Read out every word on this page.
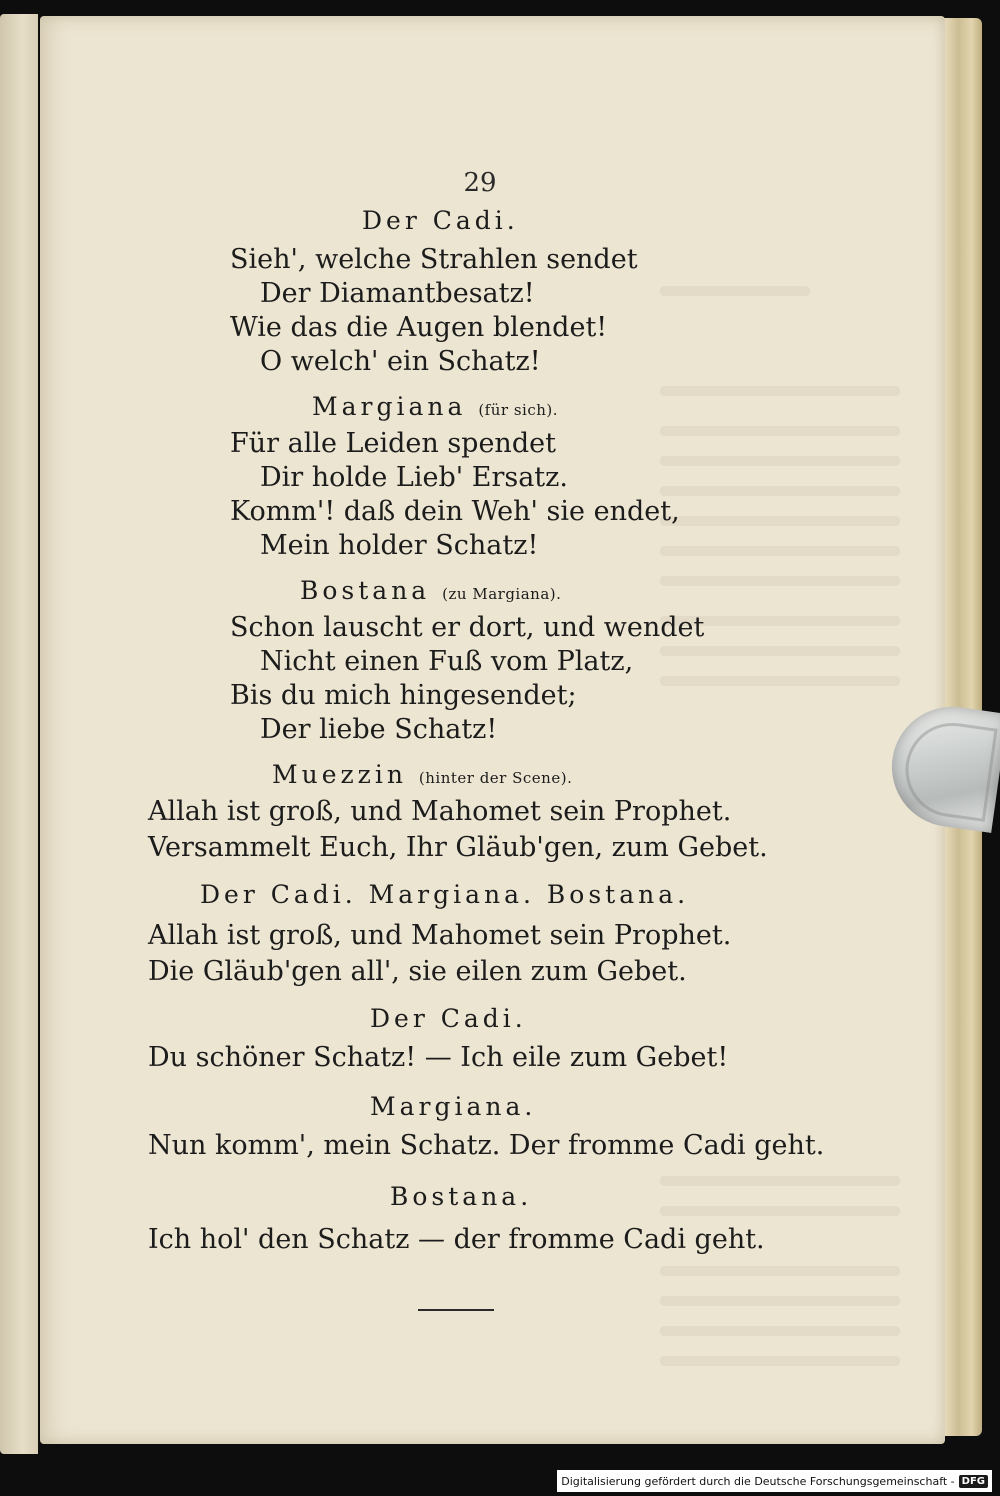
29
Der Cadi.
Sieh', welche Strahlen sendet
Der Diamantbesatz!
Wie das die Augen blendet!
O welch' ein Schatz!
Margiana (für sich).
Für alle Leiden spendet
Dir holde Lieb' Ersatz.
Komm'! daß dein Weh' sie endet,
Mein holder Schatz!
Bostana (zu Margiana).
Schon lauscht er dort, und wendet
Nicht einen Fuß vom Platz,
Bis du mich hingesendet;
Der liebe Schatz!
Muezzin (hinter der Scene).
Allah ist groß, und Mahomet sein Prophet.
Versammelt Euch, Ihr Gläub'gen, zum Gebet.
Der Cadi. Margiana. Bostana.
Allah ist groß, und Mahomet sein Prophet.
Die Gläub'gen all', sie eilen zum Gebet.
Der Cadi.
Du schöner Schatz! — Ich eile zum Gebet!
Margiana.
Nun komm', mein Schatz. Der fromme Cadi geht.
Bostana.
Ich hol' den Schatz — der fromme Cadi geht.
Digitalisierung gefördert durch die Deutsche Forschungsgemeinschaft - DFG
